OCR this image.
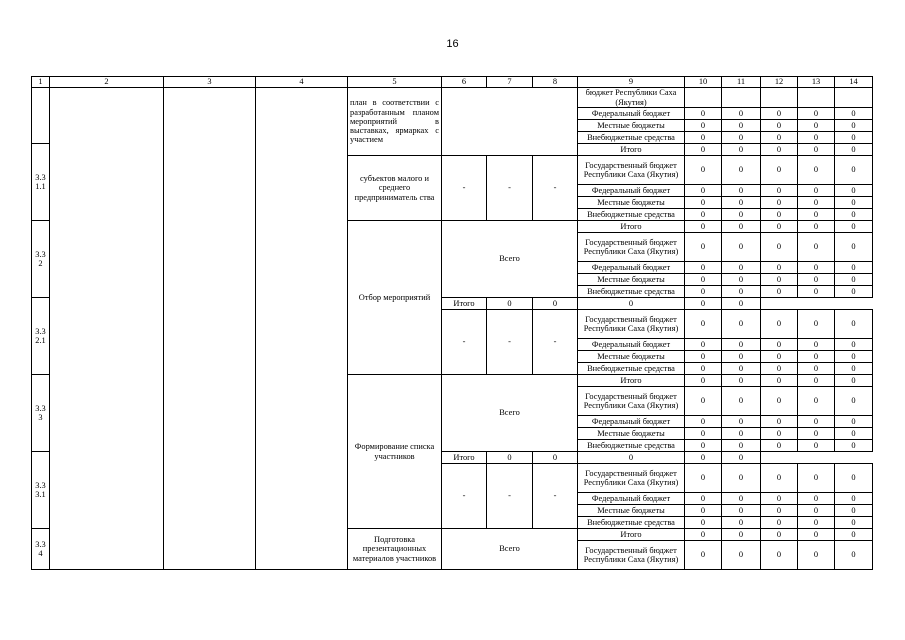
16
1	2	3	4	5	6	7	8	9	10	11	12	13	14
				план в соответствии с разработанным планом мероприятий в выставках, ярмарках с участием				бюджет Республики Саха (Якутия)					
								Федеральный бюджет	0	0	0	0	0
								Местные бюджеты	0	0	0	0	0
								Внебюджетные средства	0	0	0	0	0
3.3 1.1								Итого	0	0	0	0	0
				субъектов малого и среднего предприниматель ства	-	-	-	Государственный бюджет Республики Саха (Якутия)	0	0	0	0	0
								Федеральный бюджет	0	0	0	0	0
								Местные бюджеты	0	0	0	0	0
								Внебюджетные средства	0	0	0	0	0
3.3 2				Отбор мероприятий	Всего			Итого	0	0	0	0	0
								Государственный бюджет Республики Саха (Якутия)	0	0	0	0	0
								Федеральный бюджет	0	0	0	0	0
								Местные бюджеты	0	0	0	0	0
								Внебюджетные средства	0	0	0	0	0
3.3 2.1					Итого	0	0	0	0	0			
					-	-	-	Государственный бюджет Республики Саха (Якутия)	0	0	0	0	0
								Федеральный бюджет	0	0	0	0	0
								Местные бюджеты	0	0	0	0	0
								Внебюджетные средства	0	0	0	0	0
3.3 3				Формирование списка участников	Всего			Итого	0	0	0	0	0
								Государственный бюджет Республики Саха (Якутия)	0	0	0	0	0
								Федеральный бюджет	0	0	0	0	0
								Местные бюджеты	0	0	0	0	0
								Внебюджетные средства	0	0	0	0	0
3.3 3.1					Итого	0	0	0	0	0			
					-	-	-	Государственный бюджет Республики Саха (Якутия)	0	0	0	0	0
								Федеральный бюджет	0	0	0	0	0
								Местные бюджеты	0	0	0	0	0
								Внебюджетные средства	0	0	0	0	0
3.3 4				Подготовка презентационных материалов участников	Всего			Итого	0	0	0	0	0
								Государственный бюджет Республики Саха (Якутия)	0	0	0	0	0
